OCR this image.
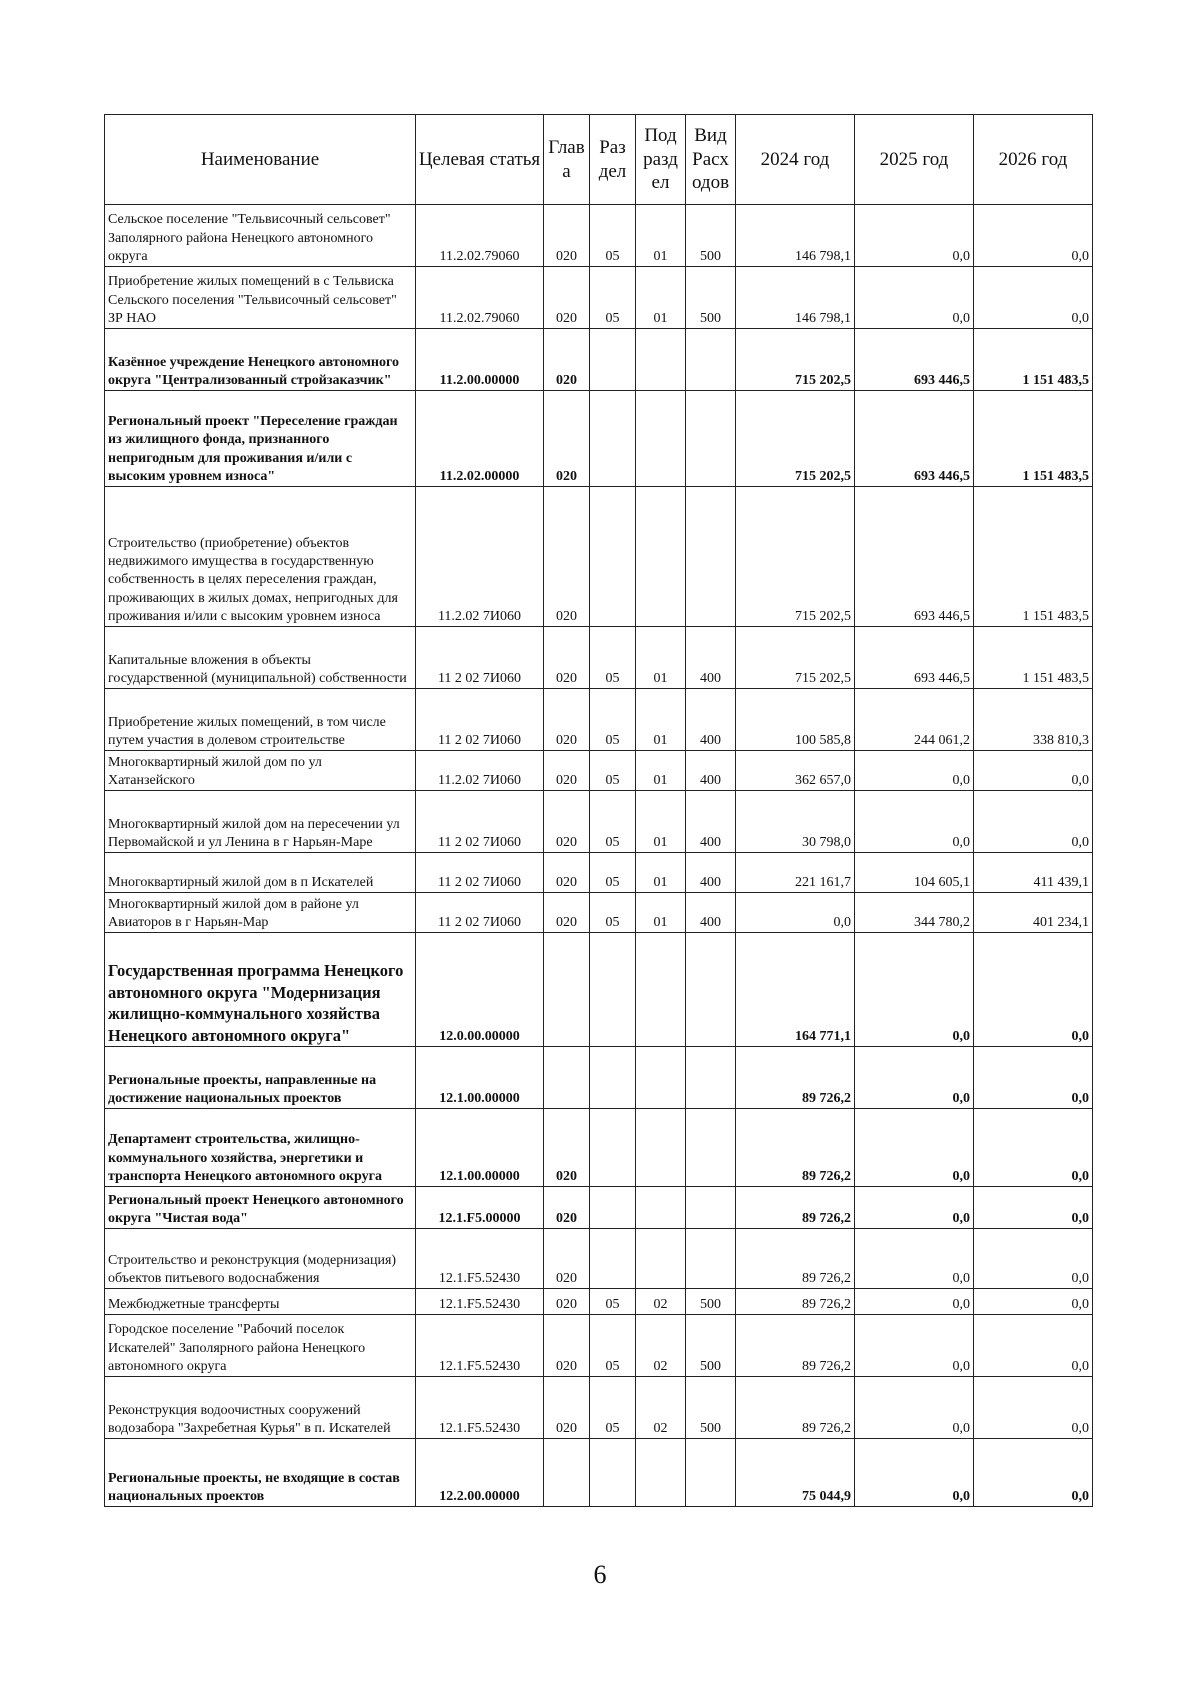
Наименование	Целевая статья	Глав а	Раз дел	Под разд ел	Вид Расх одов	2024 год	2025 год	2026 год
Сельское поселение "Тельвисочный сельсовет" Заполярного района Ненецкого автономного округа	11.2.02.79060	020	05	01	500	146 798,1	0,0	0,0
Приобретение жилых помещений в с Тельвиска Сельского поселения "Тельвисочный сельсовет" ЗР НАО	11.2.02.79060	020	05	01	500	146 798,1	0,0	0,0
Казённое учреждение Ненецкого автономного округа "Централизованный стройзаказчик"	11.2.00.00000	020				715 202,5	693 446,5	1 151 483,5
Региональный проект "Переселение граждан из жилищного фонда, признанного непригодным для проживания и/или с высоким уровнем износа"	11.2.02.00000	020				715 202,5	693 446,5	1 151 483,5
Строительство (приобретение) объектов недвижимого имущества в государственную собственность в целях переселения граждан, проживающих в жилых домах, непригодных для проживания и/или с высоким уровнем износа	11.2.02 7И060	020				715 202,5	693 446,5	1 151 483,5
Капитальные вложения в объекты государственной (муниципальной) собственности	11 2 02 7И060	020	05	01	400	715 202,5	693 446,5	1 151 483,5
Приобретение жилых помещений, в том числе путем участия в долевом строительстве	11 2 02 7И060	020	05	01	400	100 585,8	244 061,2	338 810,3
Многоквартирный жилой дом по ул Хатанзейского	11.2.02 7И060	020	05	01	400	362 657,0	0,0	0,0
Многоквартирный жилой дом на пересечении ул Первомайской и ул Ленина в г Нарьян-Маре	11 2 02 7И060	020	05	01	400	30 798,0	0,0	0,0
Многоквартирный жилой дом в п Искателей	11 2 02 7И060	020	05	01	400	221 161,7	104 605,1	411 439,1
Многоквартирный жилой дом в районе ул Авиаторов в г Нарьян-Мар	11 2 02 7И060	020	05	01	400	0,0	344 780,2	401 234,1
Государственная программа Ненецкого автономного округа "Модернизация жилищно-коммунального хозяйства Ненецкого автономного округа"	12.0.00.00000					164 771,1	0,0	0,0
Региональные проекты, направленные на достижение национальных проектов	12.1.00.00000					89 726,2	0,0	0,0
Департамент строительства, жилищно-коммунального хозяйства, энергетики и транспорта Ненецкого автономного округа	12.1.00.00000	020				89 726,2	0,0	0,0
Региональный проект Ненецкого автономного округа "Чистая вода"	12.1.F5.00000	020				89 726,2	0,0	0,0
Строительство и реконструкция (модернизация) объектов питьевого водоснабжения	12.1.F5.52430	020				89 726,2	0,0	0,0
Межбюджетные трансферты	12.1.F5.52430	020	05	02	500	89 726,2	0,0	0,0
Городское поселение "Рабочий поселок Искателей" Заполярного района Ненецкого автономного округа	12.1.F5.52430	020	05	02	500	89 726,2	0,0	0,0
Реконструкция водоочистных сооружений водозабора "Захребетная Курья" в п. Искателей	12.1.F5.52430	020	05	02	500	89 726,2	0,0	0,0
Региональные проекты, не входящие в состав национальных проектов	12.2.00.00000					75 044,9	0,0	0,0
6
